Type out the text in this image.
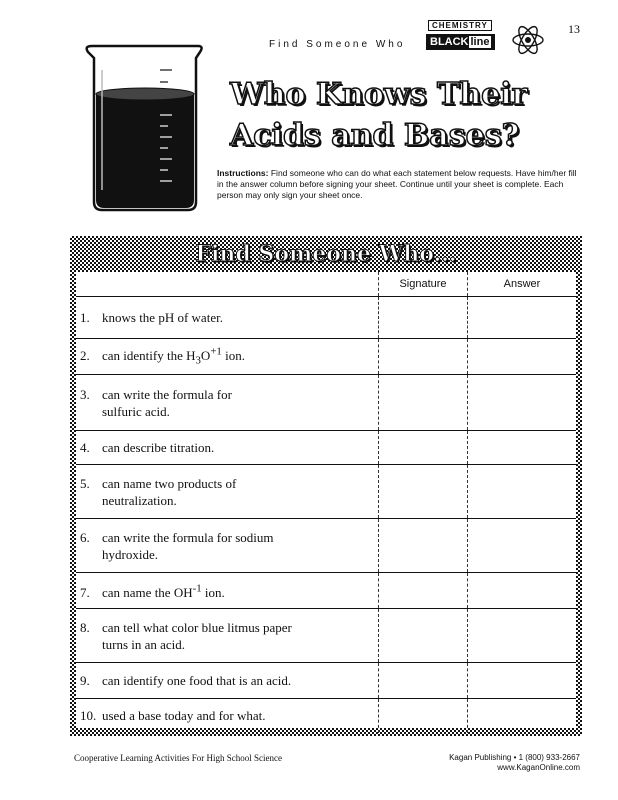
Find Someone Who
CHEMISTRY
BLACK line
13
Who Knows Their
Acids and Bases?
Instructions: Find someone who can do what each statement below requests. Have him/her fill in the answer column before signing your sheet. Continue until your sheet is complete. Each person may only sign your sheet once.
Find Someone Who...
	Signature	Answer
1. knows the pH of water.		
2. can identify the $H_3O^{+1}$ ion.		
3. can write the formula for
sulfuric acid.		

4. can describe titration.		
5. can name two products of
neutralization.		

6. can write the formula for sodium
hydroxide.		

7. can name the $OH^{-1}$ ion.		
8. can tell what color blue litmus paper
turns in an acid.		

9. can identify one food that is an acid.		
10. used a base today and for what.		
Cooperative Learning Activities For High School Science	Kagan Publishing • 1 (800) 933-2667
www.KaganOnline.com
